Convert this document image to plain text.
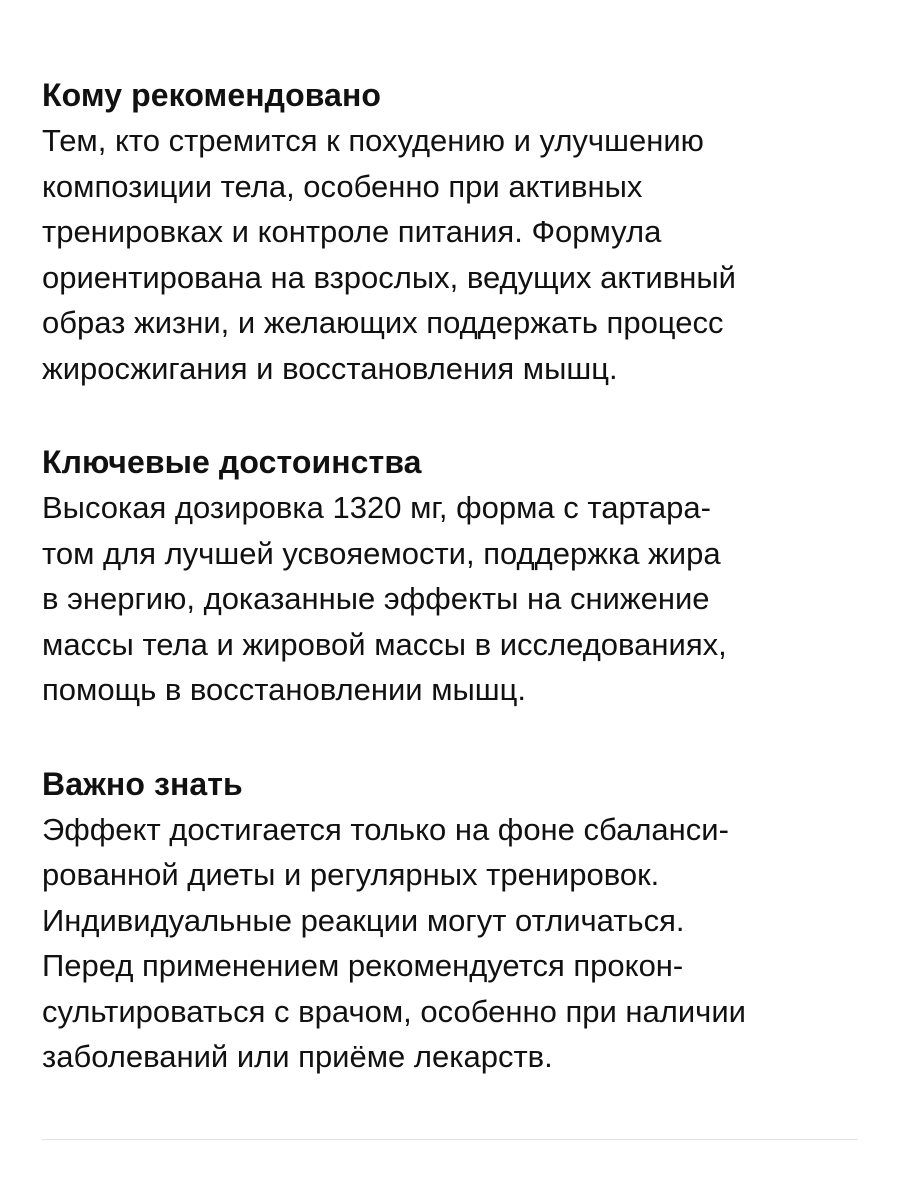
Кому рекомендовано
Тем, кто стремится к похудению и улучшению
композиции тела, особенно при активных
тренировках и контроле питания. Формула
ориентирована на взрослых, ведущих активный
образ жизни, и желающих поддержать процесс
жиросжигания и восстановления мышц.
Ключевые достоинства
Высокая дозировка 1320 мг, форма с тартара-
том для лучшей усвояемости, поддержка жира
в энергию, доказанные эффекты на снижение
массы тела и жировой массы в исследованиях,
помощь в восстановлении мышц.
Важно знать
Эффект достигается только на фоне сбаланси-
рованной диеты и регулярных тренировок.
Индивидуальные реакции могут отличаться.
Перед применением рекомендуется прокон-
сультироваться с врачом, особенно при наличии
заболеваний или приёме лекарств.
